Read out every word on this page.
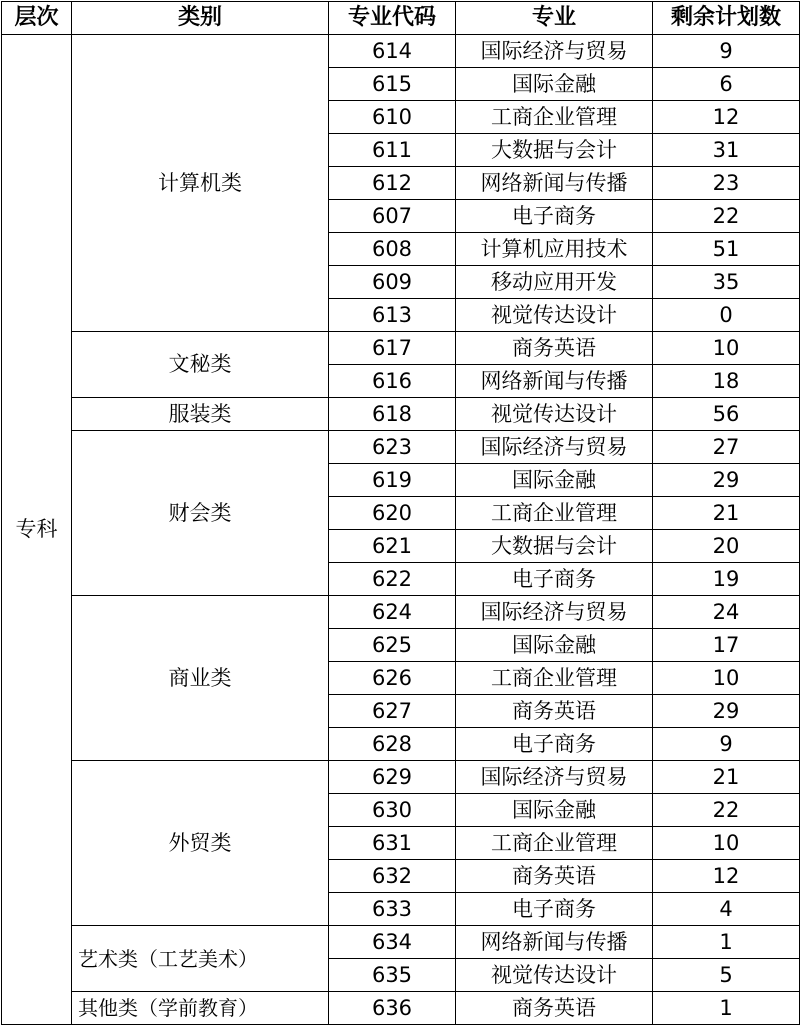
层次	类别	专业代码	专业	剩余计划数
专科	计算机类	614	国际经济与贸易	9
		615	国际金融	6
		610	工商企业管理	12
		611	大数据与会计	31
		612	网络新闻与传播	23
		607	电子商务	22
		608	计算机应用技术	51
		609	移动应用开发	35
		613	视觉传达设计	0
	文秘类	617	商务英语	10
		616	网络新闻与传播	18
	服装类	618	视觉传达设计	56
	财会类	623	国际经济与贸易	27
		619	国际金融	29
		620	工商企业管理	21
		621	大数据与会计	20
		622	电子商务	19
	商业类	624	国际经济与贸易	24
		625	国际金融	17
		626	工商企业管理	10
		627	商务英语	29
		628	电子商务	9
	外贸类	629	国际经济与贸易	21
		630	国际金融	22
		631	工商企业管理	10
		632	商务英语	12
		633	电子商务	4
	艺术类（工艺美术）	634	网络新闻与传播	1
		635	视觉传达设计	5
	其他类（学前教育）	636	商务英语	1
